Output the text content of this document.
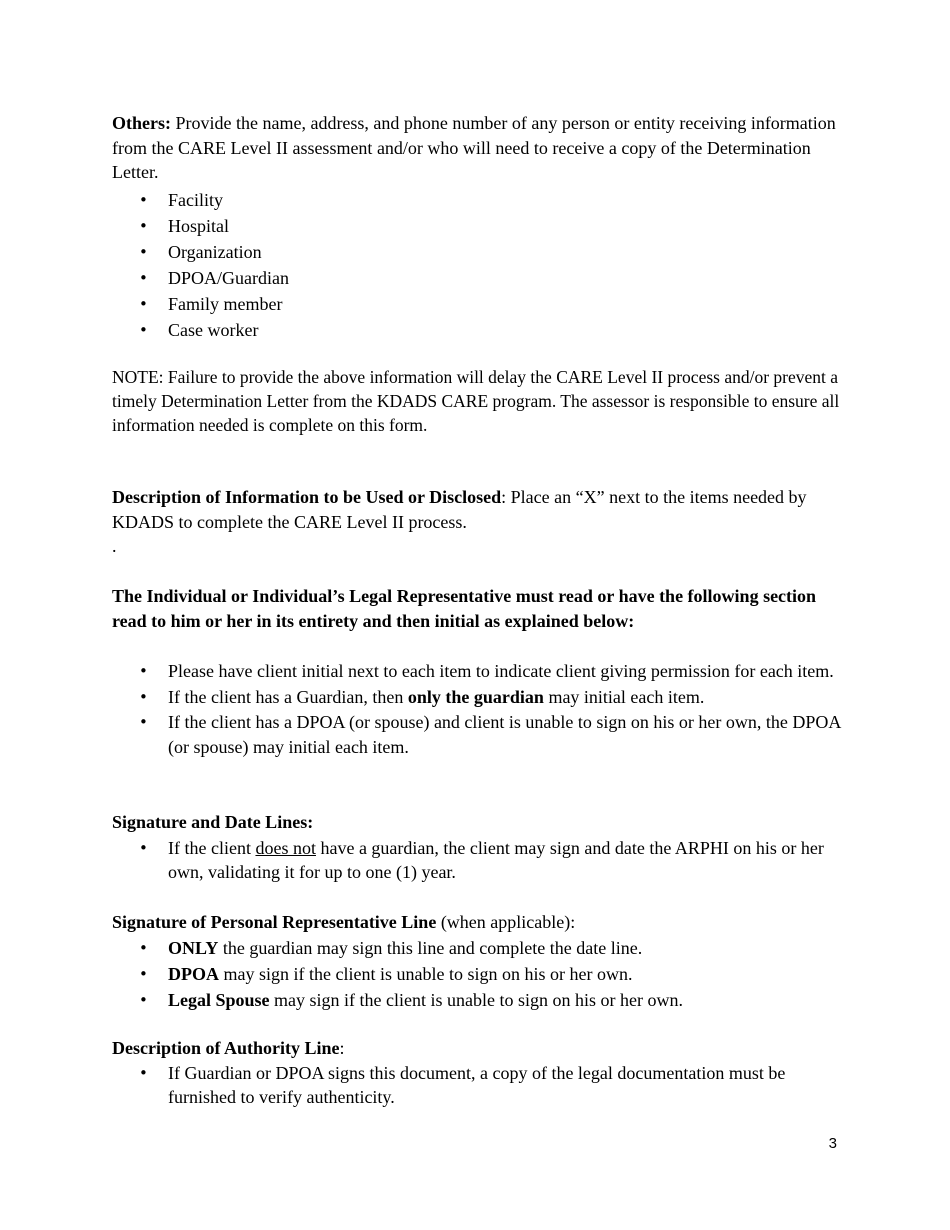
Others: Provide the name, address, and phone number of any person or entity receiving information from the CARE Level II assessment and/or who will need to receive a copy of the Determination Letter.

• Facility
• Hospital
• Organization
• DPOA/Guardian
• Family member
• Case worker
NOTE: Failure to provide the above information will delay the CARE Level II process and/or prevent a timely Determination Letter from the KDADS CARE program. The assessor is responsible to ensure all information needed is complete on this form.

Description of Information to be Used or Disclosed: Place an “X” next to the items needed by KDADS to complete the CARE Level II process.

.

The Individual or Individual’s Legal Representative must read or have the following section read to him or her in its entirety and then initial as explained below:
• Please have client initial next to each item to indicate client giving permission for each item.
• If the client has a Guardian, then only the guardian may initial each item.
• If the client has a DPOA (or spouse) and client is unable to sign on his or her own, the DPOA (or spouse) may initial each item.

Signature and Date Lines:

• If the client does not have a guardian, the client may sign and date the ARPHI on his or her own, validating it for up to one (1) year.

Signature of Personal Representative Line (when applicable):

• ONLY the guardian may sign this line and complete the date line.
• DPOA may sign if the client is unable to sign on his or her own.
• Legal Spouse may sign if the client is unable to sign on his or her own.

Description of Authority Line:

• If Guardian or DPOA signs this document, a copy of the legal documentation must be furnished to verify authenticity.
3
